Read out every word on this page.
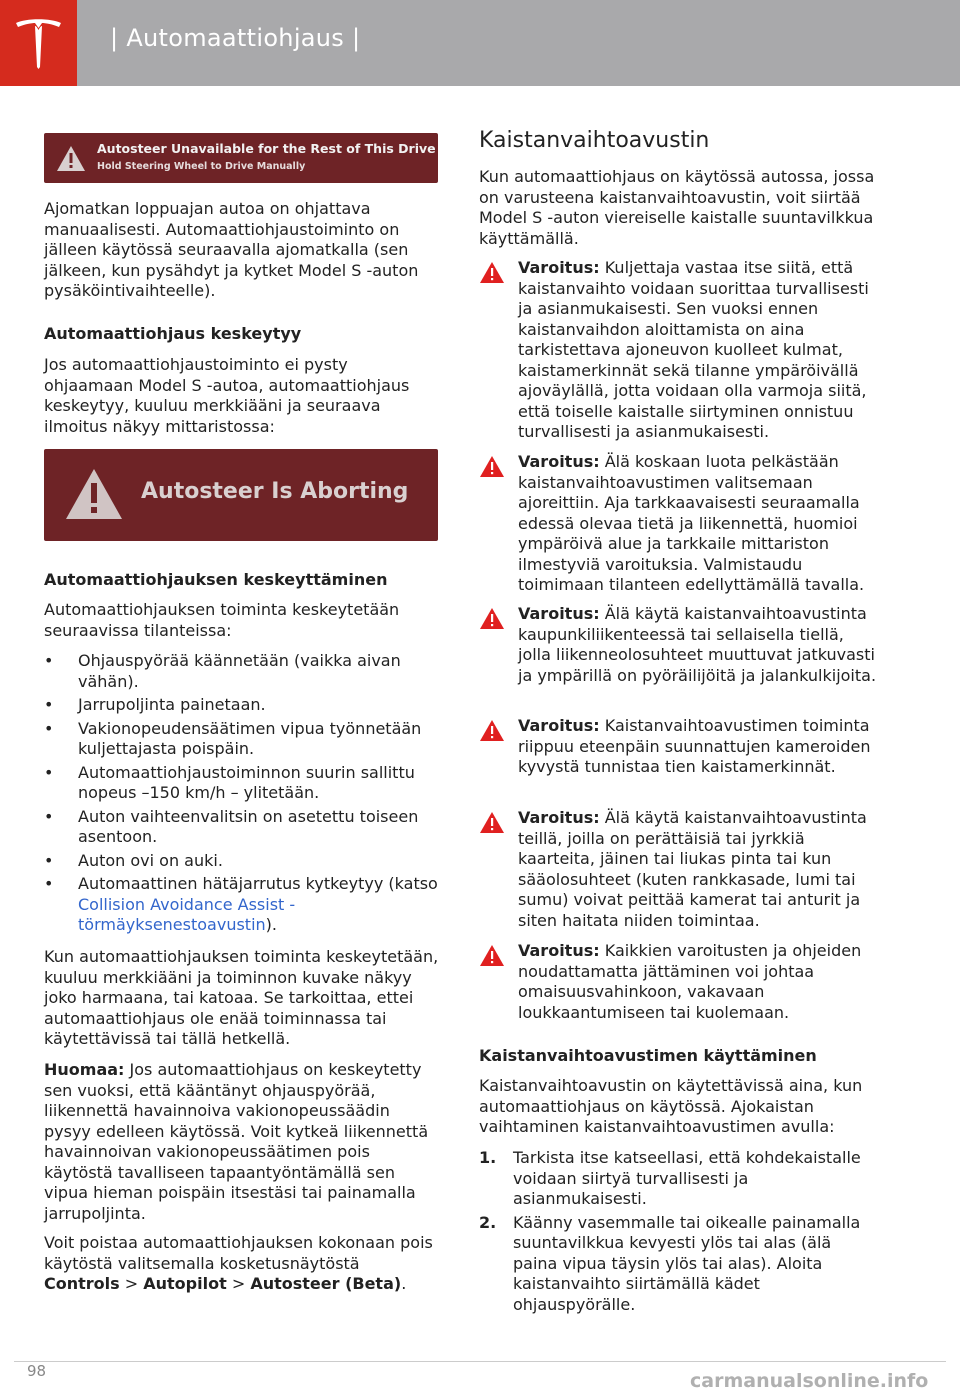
| Automaattiohjaus |
Autosteer Unavailable for the Rest of This Drive
Hold Steering Wheel to Drive Manually

Ajomatkan loppuajan autoa on ohjattava manuaalisesti. Automaattiohjaustoiminto on jälleen käytössä seuraavalla ajomatkalla (sen jälkeen, kun pysähdyt ja kytket Model S -auton pysäköintivaihteelle).

Automaattiohjaus keskeytyy

Jos automaattiohjaustoiminto ei pysty ohjaamaan Model S -autoa, automaattiohjaus keskeytyy, kuuluu merkkiääni ja seuraava ilmoitus näkyy mittaristossa:

Autosteer Is Aborting
Automaattiohjauksen keskeyttäminen

Automaattiohjauksen toiminta keskeytetään seuraavissa tilanteissa:

• Ohjauspyörää käännetään (vaikka aivan vähän).
• Jarrupoljinta painetaan.
• Vakionopeudensäätimen vipua työnnetään kuljettajasta poispäin.
• Automaattiohjaustoiminnon suurin sallittu nopeus –150 km/h – ylitetään.
• Auton vaihteenvalitsin on asetettu toiseen asentoon.
• Auton ovi on auki.
• Automaattinen hätäjarrutus kytkeytyy (katso Collision Avoidance Assist - törmäyksenestoavustin).

Kun automaattiohjauksen toiminta keskeytetään, kuuluu merkkiääni ja toiminnon kuvake näkyy joko harmaana, tai katoaa. Se tarkoittaa, ettei automaattiohjaus ole enää toiminnassa tai käytettävissä tai tällä hetkellä.

Huomaa: Jos automaattiohjaus on keskeytetty sen vuoksi, että kääntänyt ohjauspyörää, liikennettä havainnoiva vakionopeussäädin pysyy edelleen käytössä. Voit kytkeä liikennettä havainnoivan vakionopeussäätimen pois käytöstä tavalliseen tapaantyöntämällä sen vipua hieman poispäin itsestäsi tai painamalla jarrupoljinta.

Voit poistaa automaattiohjauksen kokonaan pois käytöstä valitsemalla kosketusnäytöstä Controls > Autopilot > Autosteer (Beta).

Kaistanvaihtoavustin

Kun automaattiohjaus on käytössä autossa, jossa on varusteena kaistanvaihtoavustin, voit siirtää Model S -auton viereiselle kaistalle suuntavilkkua käyttämällä.

Varoitus: Kuljettaja vastaa itse siitä, että kaistanvaihto voidaan suorittaa turvallisesti ja asianmukaisesti. Sen vuoksi ennen kaistanvaihdon aloittamista on aina tarkistettava ajoneuvon kuolleet kulmat, kaistamerkinnät sekä tilanne ympäröivällä ajoväylällä, jotta voidaan olla varmoja siitä, että toiselle kaistalle siirtyminen onnistuu turvallisesti ja asianmukaisesti.
Varoitus: Älä koskaan luota pelkästään kaistanvaihtoavustimen valitsemaan ajoreittiin. Aja tarkkaavaisesti seuraamalla edessä olevaa tietä ja liikennettä, huomioi ympäröivä alue ja tarkkaile mittariston ilmestyviä varoituksia. Valmistaudu toimimaan tilanteen edellyttämällä tavalla.
Varoitus: Älä käytä kaistanvaihtoavustinta kaupunkiliikenteessä tai sellaisella tiellä, jolla liikenneolosuhteet muuttuvat jatkuvasti ja ympärillä on pyöräilijöitä ja jalankulkijoita.
Varoitus: Kaistanvaihtoavustimen toiminta riippuu eteenpäin suunnattujen kameroiden kyvystä tunnistaa tien kaistamerkinnät.
Varoitus: Älä käytä kaistanvaihtoavustinta teillä, joilla on perättäisiä tai jyrkkiä kaarteita, jäinen tai liukas pinta tai kun sääolosuhteet (kuten rankkasade, lumi tai sumu) voivat peittää kamerat tai anturit ja siten haitata niiden toimintaa.
Varoitus: Kaikkien varoitusten ja ohjeiden noudattamatta jättäminen voi johtaa omaisuusvahinkoon, vakavaan loukkaantumiseen tai kuolemaan.
Kaistanvaihtoavustimen käyttäminen

Kaistanvaihtoavustin on käytettävissä aina, kun automaattiohjaus on käytössä. Ajokaistan vaihtaminen kaistanvaihtoavustimen avulla:

1. Tarkista itse katseellasi, että kohdekaistalle voidaan siirtyä turvallisesti ja asianmukaisesti.
2. Käänny vasemmalle tai oikealle painamalla suuntavilkkua kevyesti ylös tai alas (älä paina vipua täysin ylös tai alas). Aloita kaistanvaihto siirtämällä kädet ohjauspyörälle.
98	carmanualsonline.info
